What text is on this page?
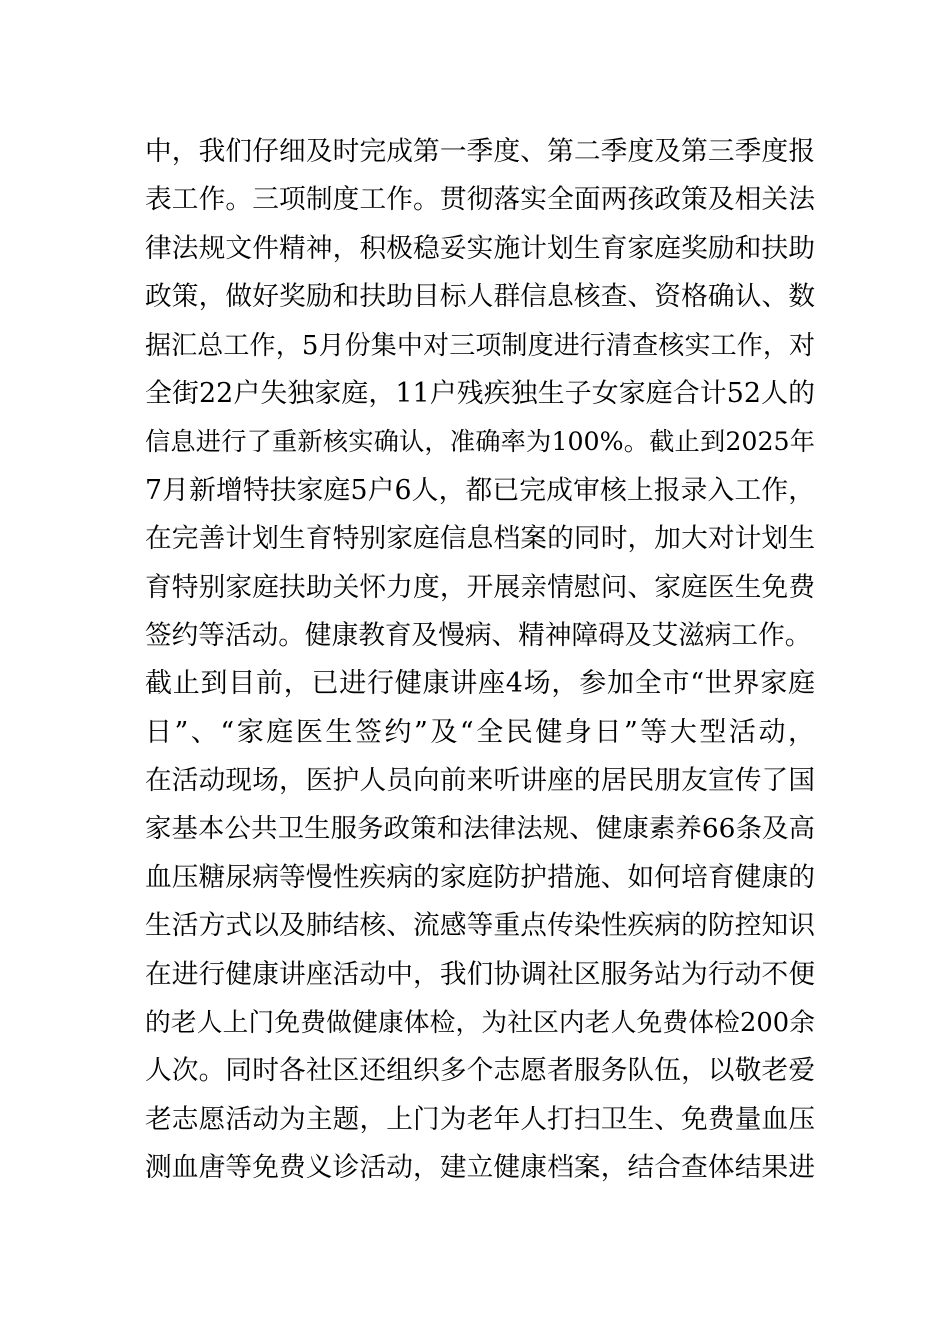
中，我们仔细及时完成第一季度、第二季度及第三季度报
表工作。三项制度工作。贯彻落实全面两孩政策及相关法
律法规文件精神，积极稳妥实施计划生育家庭奖励和扶助
政策，做好奖励和扶助目标人群信息核查、资格确认、数
据汇总工作，5月份集中对三项制度进行清查核实工作，对
全街22户失独家庭，11户残疾独生子女家庭合计52人的
信息进行了重新核实确认，准确率为100%。截止到2025年
7月新增特扶家庭5户6人，都已完成审核上报录入工作，
在完善计划生育特别家庭信息档案的同时，加大对计划生
育特别家庭扶助关怀力度，开展亲情慰问、家庭医生免费
签约等活动。健康教育及慢病、精神障碍及艾滋病工作。
截止到目前，已进行健康讲座4场，参加全市“世界家庭
日”、“家庭医生签约”及“全民健身日”等大型活动，
在活动现场，医护人员向前来听讲座的居民朋友宣传了国
家基本公共卫生服务政策和法律法规、健康素养66条及高
血压糖尿病等慢性疾病的家庭防护措施、如何培育健康的
生活方式以及肺结核、流感等重点传染性疾病的防控知识
在进行健康讲座活动中，我们协调社区服务站为行动不便
的老人上门免费做健康体检，为社区内老人免费体检200余
人次。同时各社区还组织多个志愿者服务队伍，以敬老爱
老志愿活动为主题，上门为老年人打扫卫生、免费量血压
测血唐等免费义诊活动，建立健康档案，结合查体结果进
